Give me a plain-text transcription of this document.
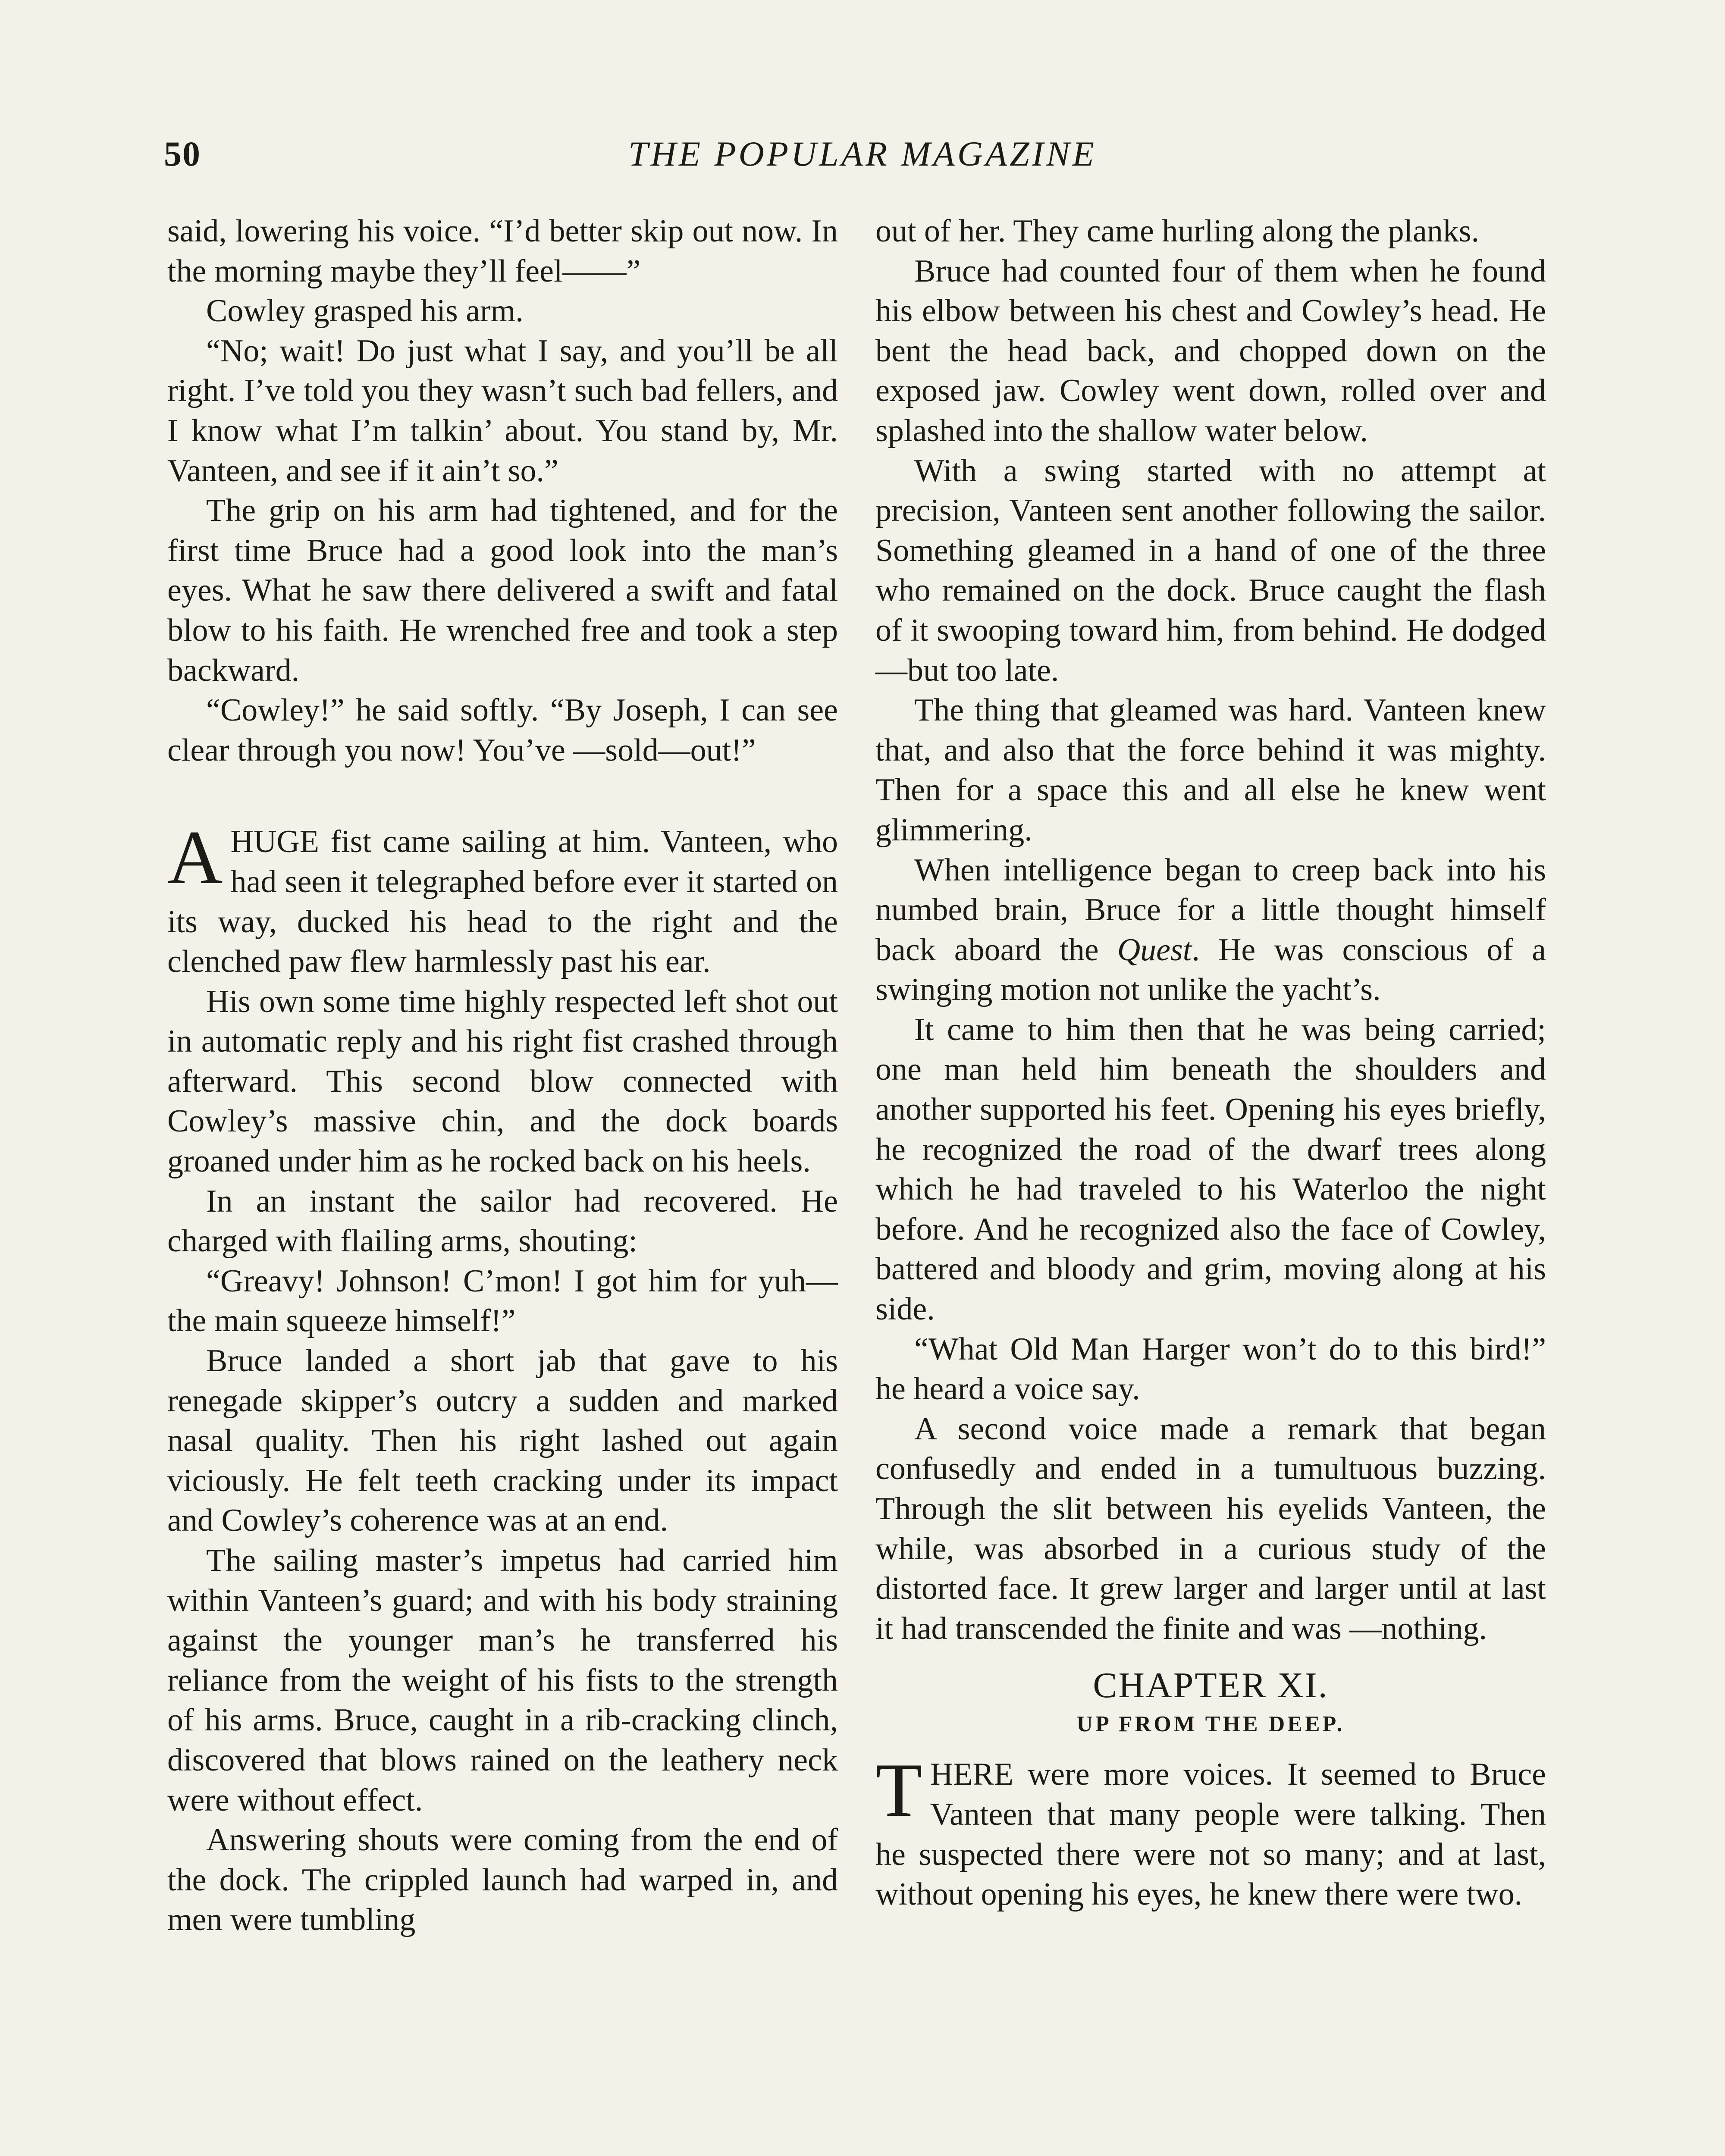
50	THE POPULAR MAGAZINE

said, lowering his voice. “I’d better skip out now. In the morning maybe they’ll feel——”

Cowley grasped his arm.

“No; wait! Do just what I say, and you’ll be all right. I’ve told you they wasn’t such bad fellers, and I know what I’m talkin’ about. You stand by, Mr. Vanteen, and see if it ain’t so.”

The grip on his arm had tightened, and for the first time Bruce had a good look into the man’s eyes. What he saw there delivered a swift and fatal blow to his faith. He wrenched free and took a step backward.

“Cowley!” he said softly. “By Joseph, I can see clear through you now! You’ve —sold—out!”

AHUGE fist came sailing at him. Vanteen, who had seen it telegraphed before ever it started on its way, ducked his head to the right and the clenched paw flew harmlessly past his ear.

His own some time highly respected left shot out in automatic reply and his right fist crashed through afterward. This second blow connected with Cowley’s massive chin, and the dock boards groaned under him as he rocked back on his heels.

In an instant the sailor had recovered. He charged with flailing arms, shouting:

“Greavy! Johnson! C’mon! I got him for yuh—the main squeeze himself!”

Bruce landed a short jab that gave to his renegade skipper’s outcry a sudden and marked nasal quality. Then his right lashed out again viciously. He felt teeth cracking under its impact and Cowley’s coherence was at an end.

The sailing master’s impetus had carried him within Vanteen’s guard; and with his body straining against the younger man’s he transferred his reliance from the weight of his fists to the strength of his arms. Bruce, caught in a rib-cracking clinch, discovered that blows rained on the leathery neck were without effect.

Answering shouts were coming from the end of the dock. The crippled launch had warped in, and men were tumbling

out of her. They came hurling along the planks.

Bruce had counted four of them when he found his elbow between his chest and Cowley’s head. He bent the head back, and chopped down on the exposed jaw. Cowley went down, rolled over and splashed into the shallow water below.

With a swing started with no attempt at precision, Vanteen sent another following the sailor. Something gleamed in a hand of one of the three who remained on the dock. Bruce caught the flash of it swooping toward him, from behind. He dodged—but too late.

The thing that gleamed was hard. Vanteen knew that, and also that the force behind it was mighty. Then for a space this and all else he knew went glimmering.

When intelligence began to creep back into his numbed brain, Bruce for a little thought himself back aboard the Quest. He was conscious of a swinging motion not unlike the yacht’s.

It came to him then that he was being carried; one man held him beneath the shoulders and another supported his feet. Opening his eyes briefly, he recognized the road of the dwarf trees along which he had traveled to his Waterloo the night before. And he recognized also the face of Cowley, battered and bloody and grim, moving along at his side.

“What Old Man Harger won’t do to this bird!” he heard a voice say.

A second voice made a remark that began confusedly and ended in a tumultuous buzzing. Through the slit between his eyelids Vanteen, the while, was absorbed in a curious study of the distorted face. It grew larger and larger until at last it had transcended the finite and was —nothing.

CHAPTER XI.
UP FROM THE DEEP.

THERE were more voices. It seemed to Bruce Vanteen that many people were talking. Then he suspected there were not so many; and at last, without opening his eyes, he knew there were two.
